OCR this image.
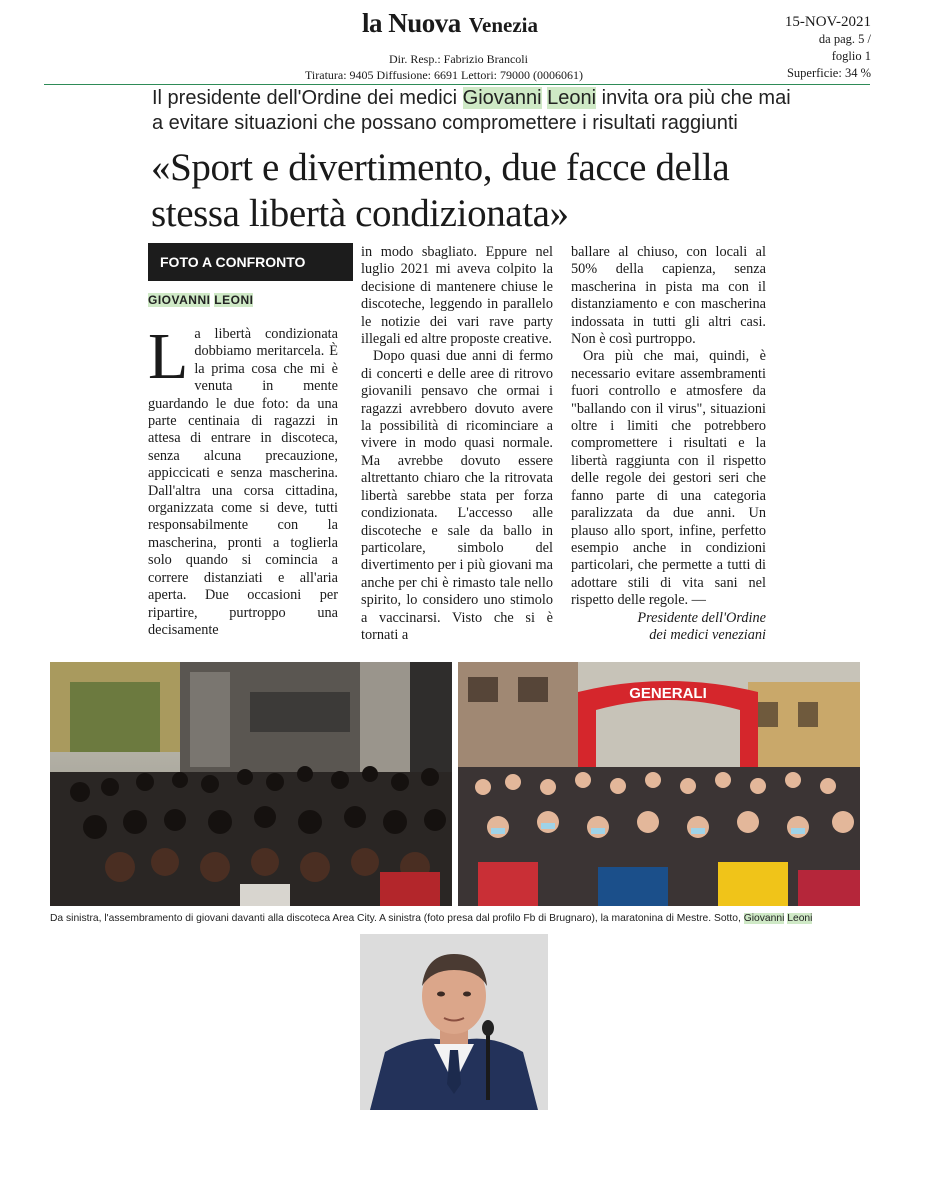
la Nuova Venezia
Dir. Resp.: Fabrizio Brancoli
Tiratura: 9405 Diffusione: 6691 Lettori: 79000 (0006061)
15-NOV-2021
da pag. 5 /
foglio 1
Superficie: 34 %
Il presidente dell'Ordine dei medici Giovanni Leoni invita ora più che mai a evitare situazioni che possano compromettere i risultati raggiunti
«Sport e divertimento, due facce della stessa libertà condizionata»
FOTO A CONFRONTO
GIOVANNI LEONI
L a libertà condizionata dobbiamo meritarcela. È la prima cosa che mi è venuta in mente guardando le due foto: da una parte centinaia di ragazzi in attesa di entrare in discoteca, senza alcuna precauzione, appiccicati e senza mascherina. Dall'altra una corsa cittadina, organizzata come si deve, tutti responsabilmente con la mascherina, pronti a toglierla solo quando si comincia a correre distanziati e all'aria aperta. Due occasioni per ripartire, purtroppo una decisamente

in modo sbagliato. Eppure nel luglio 2021 mi aveva colpito la decisione di mantenere chiuse le discoteche, leggendo in parallelo le notizie dei vari rave party illegali ed altre proposte creative.

Dopo quasi due anni di fermo di concerti e delle aree di ritrovo giovanili pensavo che ormai i ragazzi avrebbero dovuto avere la possibilità di ricominciare a vivere in modo quasi normale. Ma avrebbe dovuto essere altrettanto chiaro che la ritrovata libertà sarebbe stata per forza condizionata. L'accesso alle discoteche e sale da ballo in particolare, simbolo del divertimento per i più giovani ma anche per chi è rimasto tale nello spirito, lo considero uno stimolo a vaccinarsi. Visto che si è tornati a

ballare al chiuso, con locali al 50% della capienza, senza mascherina in pista ma con il distanziamento e con mascherina indossata in tutti gli altri casi. Non è così purtroppo.

Ora più che mai, quindi, è necessario evitare assembramenti fuori controllo e atmosfere da "ballando con il virus", situazioni oltre i limiti che potrebbero compromettere i risultati e la libertà raggiunta con il rispetto delle regole dei gestori seri che fanno parte di una categoria paralizzata da due anni. Un plauso allo sport, infine, perfetto esempio anche in condizioni particolari, che permette a tutti di adottare stili di vita sani nel rispetto delle regole. —

Presidente dell'Ordine
dei medici veneziani
GENERALI
Da sinistra, l'assembramento di giovani davanti alla discoteca Area City. A sinistra (foto presa dal profilo Fb di Brugnaro), la maratonina di Mestre. Sotto, Giovanni Leoni
